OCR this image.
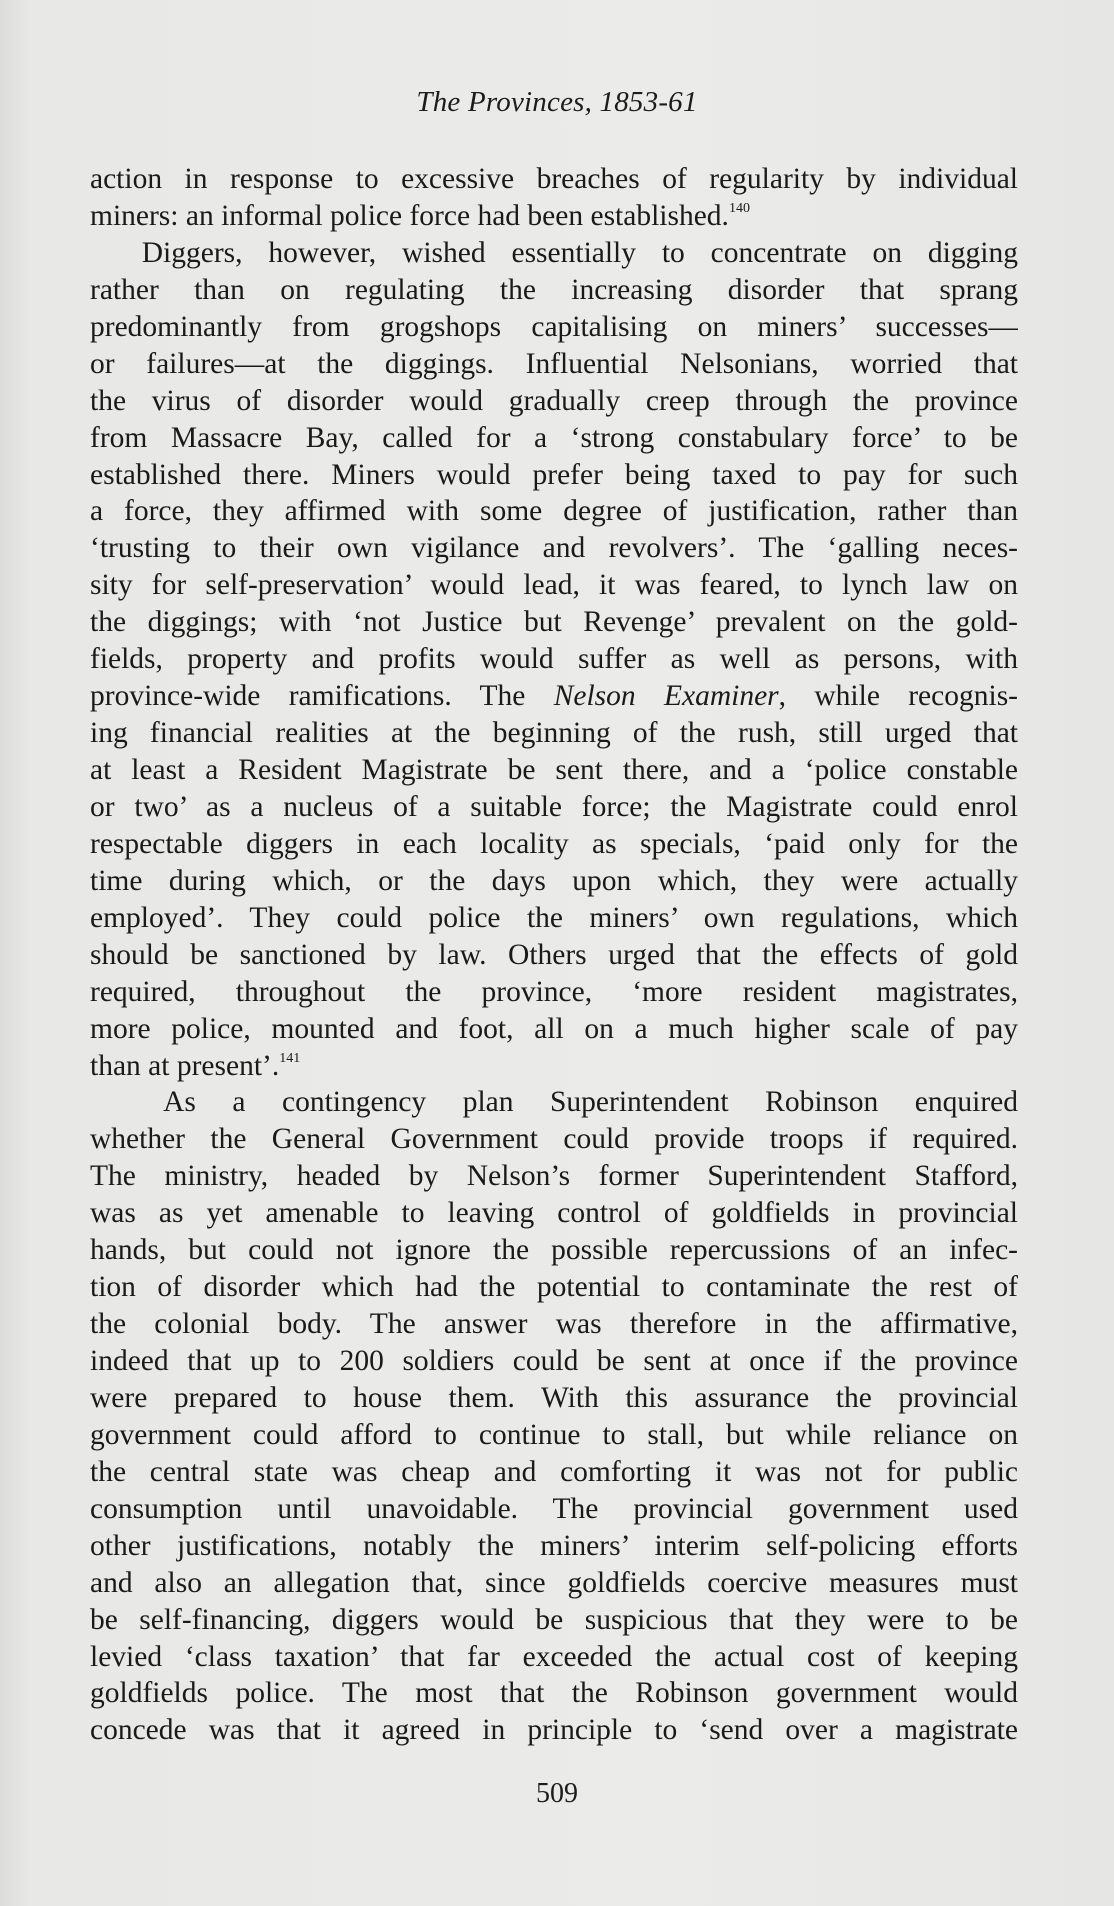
The Provinces, 1853-61
action in response to excessive breaches of regularity by individual
miners: an informal police force had been established.$^{140}$
Diggers, however, wished essentially to concentrate on digging
rather than on regulating the increasing disorder that sprang
predominantly from grogshops capitalising on miners’ successes—
or failures—at the diggings. Influential Nelsonians, worried that
the virus of disorder would gradually creep through the province
from Massacre Bay, called for a ‘strong constabulary force’ to be
established there. Miners would prefer being taxed to pay for such
a force, they affirmed with some degree of justification, rather than
‘trusting to their own vigilance and revolvers’. The ‘galling neces-
sity for self-preservation’ would lead, it was feared, to lynch law on
the diggings; with ‘not Justice but Revenge’ prevalent on the gold-
fields, property and profits would suffer as well as persons, with
province-wide ramifications. The Nelson Examiner, while recognis-
ing financial realities at the beginning of the rush, still urged that
at least a Resident Magistrate be sent there, and a ‘police constable
or two’ as a nucleus of a suitable force; the Magistrate could enrol
respectable diggers in each locality as specials, ‘paid only for the
time during which, or the days upon which, they were actually
employed’. They could police the miners’ own regulations, which
should be sanctioned by law. Others urged that the effects of gold
required, throughout the province, ‘more resident magistrates,
more police, mounted and foot, all on a much higher scale of pay
than at present’.$^{141}$
As a contingency plan Superintendent Robinson enquired
whether the General Government could provide troops if required.
The ministry, headed by Nelson’s former Superintendent Stafford,
was as yet amenable to leaving control of goldfields in provincial
hands, but could not ignore the possible repercussions of an infec-
tion of disorder which had the potential to contaminate the rest of
the colonial body. The answer was therefore in the affirmative,
indeed that up to 200 soldiers could be sent at once if the province
were prepared to house them. With this assurance the provincial
government could afford to continue to stall, but while reliance on
the central state was cheap and comforting it was not for public
consumption until unavoidable. The provincial government used
other justifications, notably the miners’ interim self-policing efforts
and also an allegation that, since goldfields coercive measures must
be self-financing, diggers would be suspicious that they were to be
levied ‘class taxation’ that far exceeded the actual cost of keeping
goldfields police. The most that the Robinson government would
concede was that it agreed in principle to ‘send over a magistrate
509
